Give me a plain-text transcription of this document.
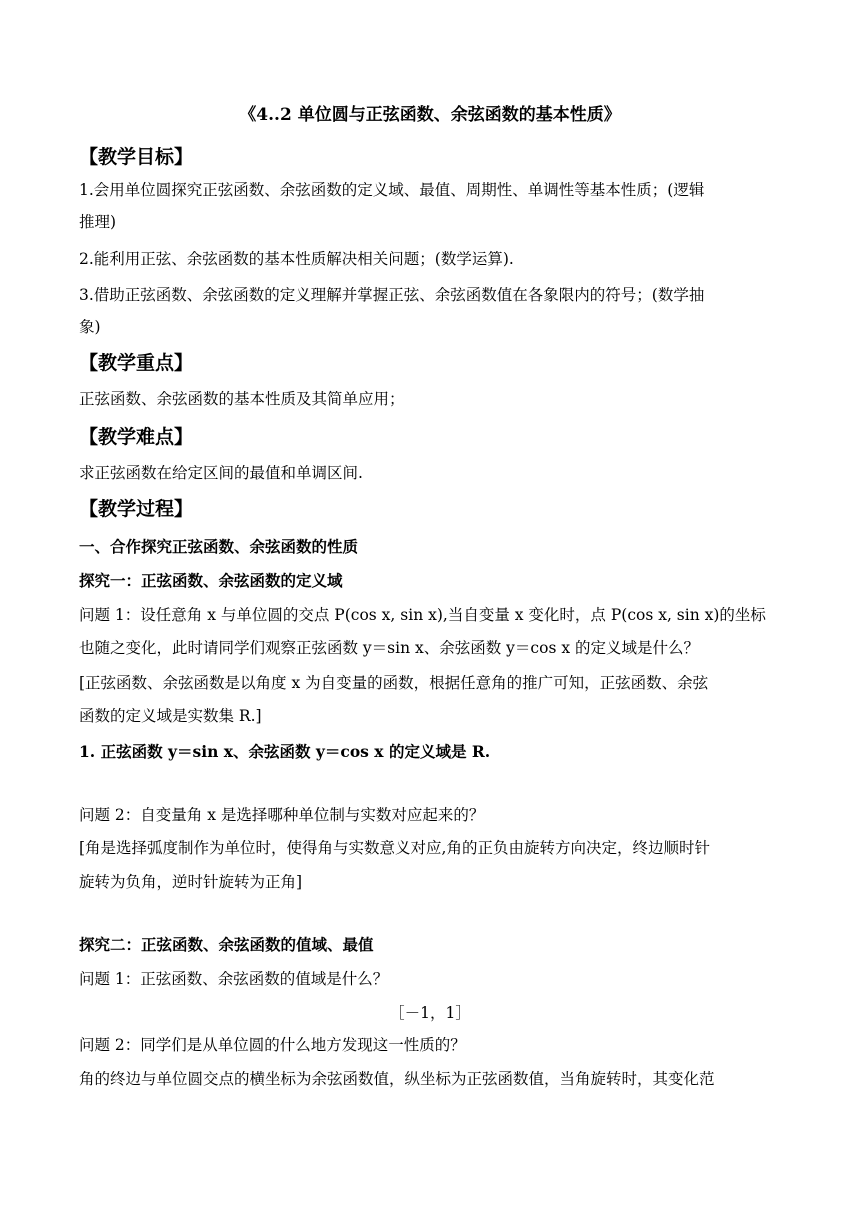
《4..2 单位圆与正弦函数、余弦函数的基本性质》
【教学目标】
1.会用单位圆探究正弦函数、余弦函数的定义域、最值、周期性、单调性等基本性质；(逻辑
推理)
2.能利用正弦、余弦函数的基本性质解决相关问题；(数学运算).
3.借助正弦函数、余弦函数的定义理解并掌握正弦、余弦函数值在各象限内的符号；(数学抽
象)
【教学重点】
正弦函数、余弦函数的基本性质及其简单应用；
【教学难点】
求正弦函数在给定区间的最值和单调区间.
【教学过程】
一、合作探究正弦函数、余弦函数的性质
探究一：正弦函数、余弦函数的定义域
问题 1：设任意角 x 与单位圆的交点 P(cos x, sin x),当自变量 x 变化时，点 P(cos x, sin x)的坐标
也随之变化，此时请同学们观察正弦函数 y＝sin x、余弦函数 y＝cos x 的定义域是什么？
[正弦函数、余弦函数是以角度 x 为自变量的函数，根据任意角的推广可知，正弦函数、余弦
函数的定义域是实数集 R.]
1. 正弦函数 y＝sin x、余弦函数 y＝cos x 的定义域是 R.
问题 2：自变量角 x 是选择哪种单位制与实数对应起来的？
[角是选择弧度制作为单位时，使得角与实数意义对应,角的正负由旋转方向决定，终边顺时针
旋转为负角，逆时针旋转为正角]
探究二：正弦函数、余弦函数的值域、最值
问题 1：正弦函数、余弦函数的值域是什么？
［－1，1］
问题 2：同学们是从单位圆的什么地方发现这一性质的？
角的终边与单位圆交点的横坐标为余弦函数值，纵坐标为正弦函数值，当角旋转时，其变化范
